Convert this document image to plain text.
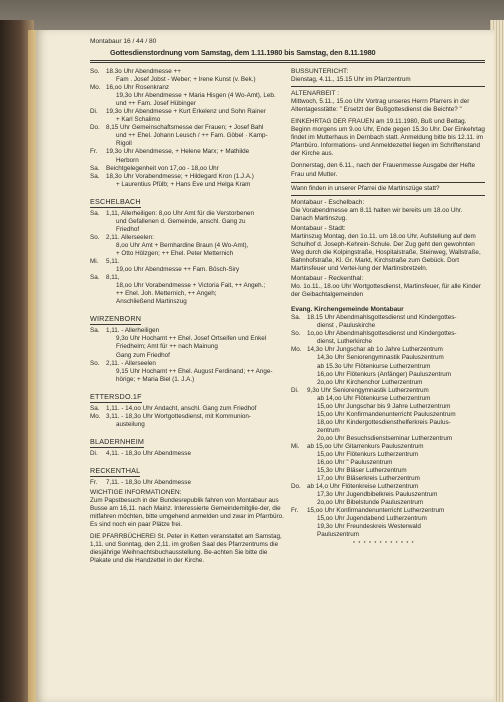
Montabaur 16 / 44 / 80
Gottesdienstordnung vom Samstag, dem 1.11.1980 bis Samstag, den 8.11.1980
So.	18.3o Uhr Abendmesse ++
Fam . Josef Jobst - Weber; + Irene Kunst (v. Bek.)
Mo. 16,oo Uhr Rosenkranz
19,3o Uhr Abendmesse + Maria Hisgen (4 Wo-Amt), Leb.
und ++ Fam. Josef Hübinger
Di.	19,3o Uhr Abendmesse + Kurt Erkelenz und Sohn Rainer
+ Karl Schalimo
Do. 8,15 Uhr Gemeinschaftsmesse der Frauen; + Josef Bahl
und ++ Ehel. Johann Leusch / ++ Fam. Göbel · Kamp-
Rigoll
Fr.	19,3o Uhr Abendmesse, + Helene Marx; + Mathilde
Herborn
Sa.	Beichtgelegenheit von 17,oo - 18,oo Uhr
Sa.	18,3o Uhr Vorabendmesse; + Hildegard Kron (1.J.A.)
+ Laurentius Pfülb; + Hans Eve und Helga Kram
ESCHELBACH
Sa.	1,11, Allerheiligen: 8,oo Uhr Amt für die Verstorbenen
und Gefallenen d. Gemeinde, anschl. Gang zu
Friedhof
So.	2,11. Allerseelen:
8,oo Uhr Amt + Bernhardine Braun (4 Wo-Amt),
+ Otto Hölzgen; ++ Ehel. Peter Metternich
Mi.	5,11.
19,oo Uhr Abendmesse ++ Fam. Bösch-Siry
Sa.	8,11,
18,oo Uhr Vorabendmesse + Victoria Fait, ++ Angeh.;
++ Ehel. Joh. Metternich, ++ Angeh;
Anschließend Martinszug
WIRZENBORN
Sa.	1,11. - Allerheiligen
9,3o Uhr Hochamt ++ Ehel. Josef Ortseifen und Enkel
Friedhelm; Amt für ++ nach Mainung
Gang zum Friedhof
So.	2,11. - Allerseelen
9,15 Uhr Hochamt ++ Ehel. August Ferdinand; ++ Ange-
hörige; + Maria Biel (1. J.A.)
ETTERSDO.1F
Sa.	1,11. - 14,oo Uhr Andacht, anschl. Gang zum Friedhof
Mo. 3,11. - 18,3o Uhr Wortgottesdienst, mit Kommunion-
austeilung
BLADERNHEIM
Di.	4,11. - 18,3o Uhr Abendmesse
RECKENTHAL
Fr.	7,11. - 18,3o Uhr Abendmesse
WICHTIGE INFORMATIONEN:
Zum Papstbesuch in der Bundesrepublik fahren von Montabaur aus Busse am 16,11. nach Mainz. Interessierte Gemeindemitglie-der, die mitfahren möchten, bitte umgehend anmelden und zwar im Pfarrbüro. Es sind noch ein paar Plätze frei.
DIE PFARRBÜCHEREI St. Peter in Ketten veranstaltet am Samstag, 1,11. und Sonntag, den 2,11. im großen Saal des Pfarrzentrums die diesjährige Weihnachtsbuchausstellung. Be-achten Sie bitte die Plakate und die Handzettel in der Kirche.
BUSSUNTERICHT:
Dienstag, 4.11., 15.15 Uhr im Pfarrzentrum
ALTENARBEIT :
Mittwoch, 5.11., 15.oo Uhr Vortrag unseres Herrn Pfarrers in der Altentagesstätte: " Ersetzt der Bußgottesdienst die Beichte? "
EINKEHRTAG DER FRAUEN am 19.11.1980, Buß und Bettag. Beginn morgens um 9.oo Uhr, Ende gegen 15.3o Uhr. Der Einkehrtag findet im Mutterhaus in Dernbach statt. Anmeldung bitte bis 12.11. im Pfarrbüro. Informations- und Anmeldezettel liegen im Schriftenstand der Kirche aus.
Donnerstag, den 6.11., nach der Frauenmesse Ausgabe der Hefte Frau und Mutter.
Wann finden in unserer Pfarrei die Martinszüge statt?
Montabaur - Eschelbach:
Die Vorabendmesse am 8.11 halten wir bereits um 18.oo Uhr. Danach Martinszug.
Montabaur - Stadt:
Martinszug Montag, den 1o.11. um 18.oo Uhr, Aufstellung auf dem Schulhof d. Joseph-Kehrein-Schule. Der Zug geht den gewohnten Weg durch die Kolpingstraße, Hospitalstraße, Steinweg, Wallstraße, Bahnhofstraße, Kl. Gr. Markt, Kirchstraße zum Gebück. Dort Martinsfeuer und Vertei-lung der Martinsbretzeln.
Montabaur - Reckenthal:
Mo. 1o.11., 18.oo Uhr Wortgottesdienst, Martinsfeuer, für alle Kinder der Geibachtalgemeinden
Evang. Kirchengemeinde Montabaur
Sa.	18.15 Uhr Abendmahlsgottesdienst und Kindergottes-
dienst , Pauluskirche
So.	1o,oo Uhr Abendmahlsgottesdienst und Kindergottes-
dienst, Lutherkirche
Mo. 14,3o Uhr Jungschar ab 1o Jahre Lutherzentrum
14,3o Uhr Seniorengymnastik Pauluszentrum
ab 15.3o Uhr Flötenkurse Lutherzentrum
16,oo Uhr Flötenkurs (Anfänger) Pauluszentrum
2o,oo Uhr Kirchenchor Lutherzentrum
Di.	9,3o Uhr Seniorengymnastik Lutherzentrum
ab 14,oo Uhr Flötenkurse Lutherzentrum
15,oo Uhr Jungschar bis 9 Jahre Lutherzentrum
15,oo Uhr Konfirmandenunterricht Pauluszentrum
18,oo Uhr Kindergottesdiensthelferkreis Paulus-
zentrum
2o,oo Uhr Besuchsdienstseminar Lutherzentrum
Mi.	ab 15,oo Uhr Gitarrenkurs Pauluszentrum
15,oo Uhr Flötenkurs Lutherzentrum
16,oo Uhr " Pauluszentrum
15,3o Uhr Bläser Lutherzentrum
17,oo Uhr Bläserkreis Lutherzentrum
Do. ab 14,o Uhr Flötenkreise Lutherzentrum
17,3o Uhr Jugendbibelkreis Pauluszentrum
2o,oo Uhr Bibelstunde Pauluszentrum
Fr.	15,oo Uhr Konfirmandenunterricht Lutherzentrum
15,oo Uhr Jugendabend Lutherzentrum
19,3o Uhr Freundeskreis Westerwald
Pauluszentrum
* * * * * * * * * * * *
